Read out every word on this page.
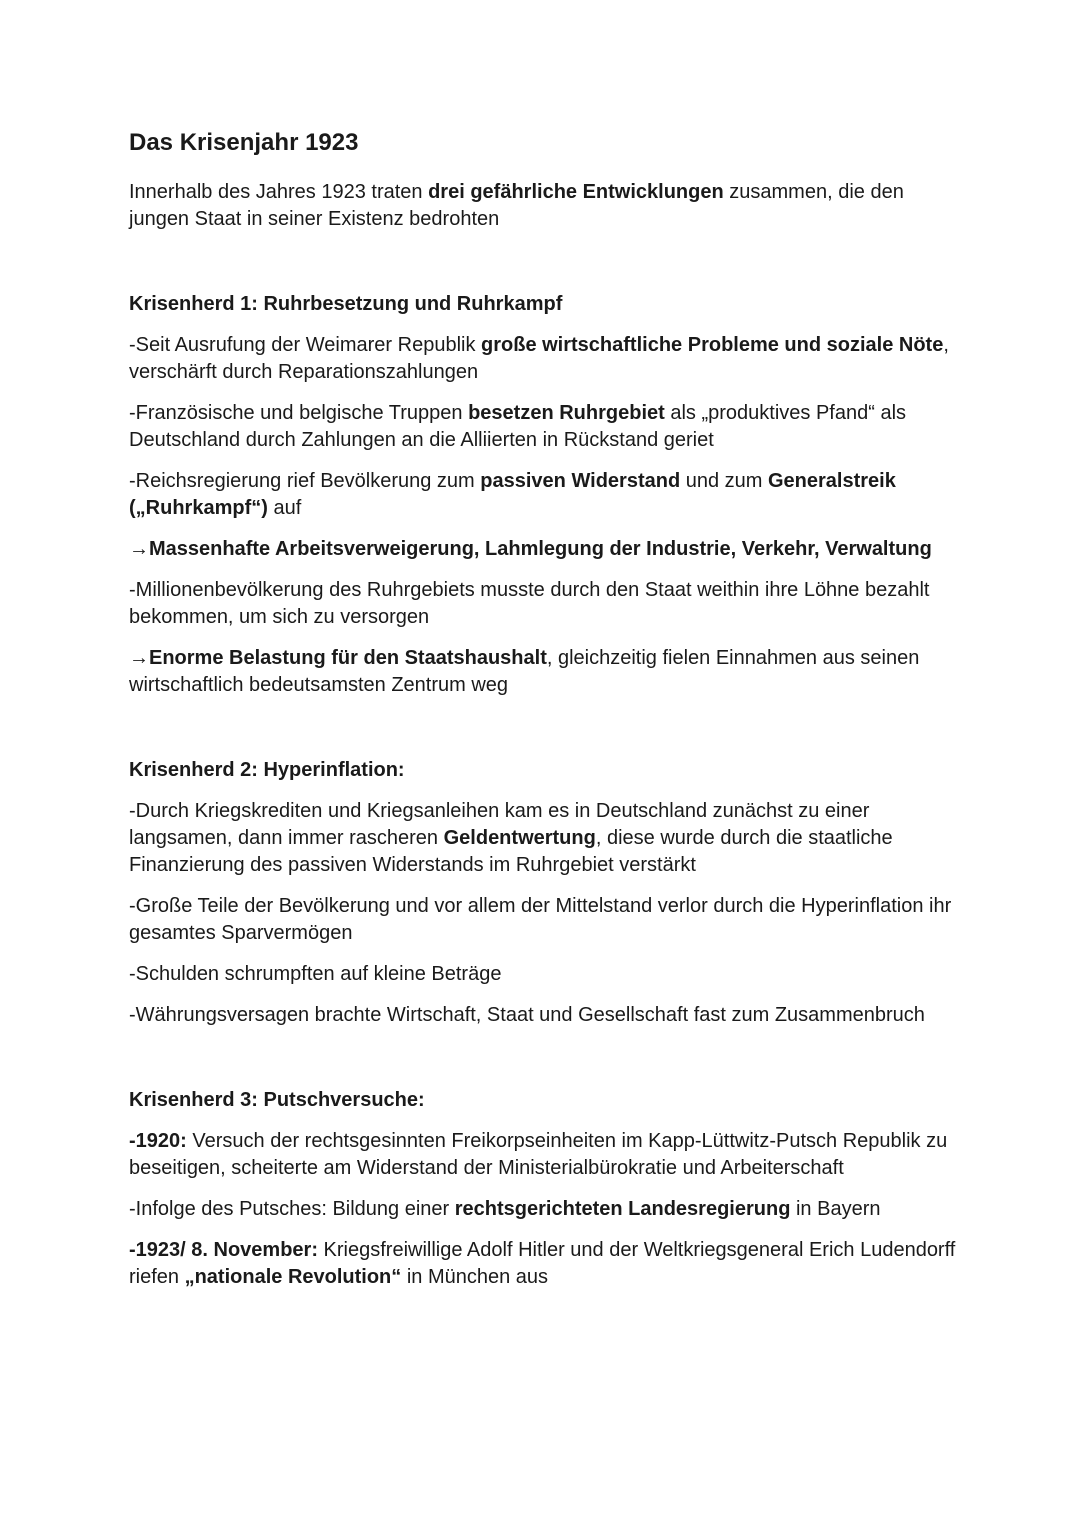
Das Krisenjahr 1923

Innerhalb des Jahres 1923 traten drei gefährliche Entwicklungen zusammen, die den jungen Staat in seiner Existenz bedrohten

Krisenherd 1: Ruhrbesetzung und Ruhrkampf

-Seit Ausrufung der Weimarer Republik große wirtschaftliche Probleme und soziale Nöte, verschärft durch Reparationszahlungen

-Französische und belgische Truppen besetzen Ruhrgebiet als „produktives Pfand“ als Deutschland durch Zahlungen an die Alliierten in Rückstand geriet

-Reichsregierung rief Bevölkerung zum passiven Widerstand und zum Generalstreik („Ruhrkampf“) auf

→Massenhafte Arbeitsverweigerung, Lahmlegung der Industrie, Verkehr, Verwaltung

-Millionenbevölkerung des Ruhrgebiets musste durch den Staat weithin ihre Löhne bezahlt bekommen, um sich zu versorgen

→Enorme Belastung für den Staatshaushalt, gleichzeitig fielen Einnahmen aus seinen wirtschaftlich bedeutsamsten Zentrum weg

Krisenherd 2: Hyperinflation:

-Durch Kriegskrediten und Kriegsanleihen kam es in Deutschland zunächst zu einer langsamen, dann immer rascheren Geldentwertung, diese wurde durch die staatliche Finanzierung des passiven Widerstands im Ruhrgebiet verstärkt

-Große Teile der Bevölkerung und vor allem der Mittelstand verlor durch die Hyperinflation ihr gesamtes Sparvermögen

-Schulden schrumpften auf kleine Beträge

-Währungsversagen brachte Wirtschaft, Staat und Gesellschaft fast zum Zusammenbruch

Krisenherd 3: Putschversuche:

-1920: Versuch der rechtsgesinnten Freikorpseinheiten im Kapp-Lüttwitz-Putsch Republik zu beseitigen, scheiterte am Widerstand der Ministerialbürokratie und Arbeiterschaft

-Infolge des Putsches: Bildung einer rechtsgerichteten Landesregierung in Bayern

-1923/ 8. November: Kriegsfreiwillige Adolf Hitler und der Weltkriegsgeneral Erich Ludendorff riefen „nationale Revolution“ in München aus
